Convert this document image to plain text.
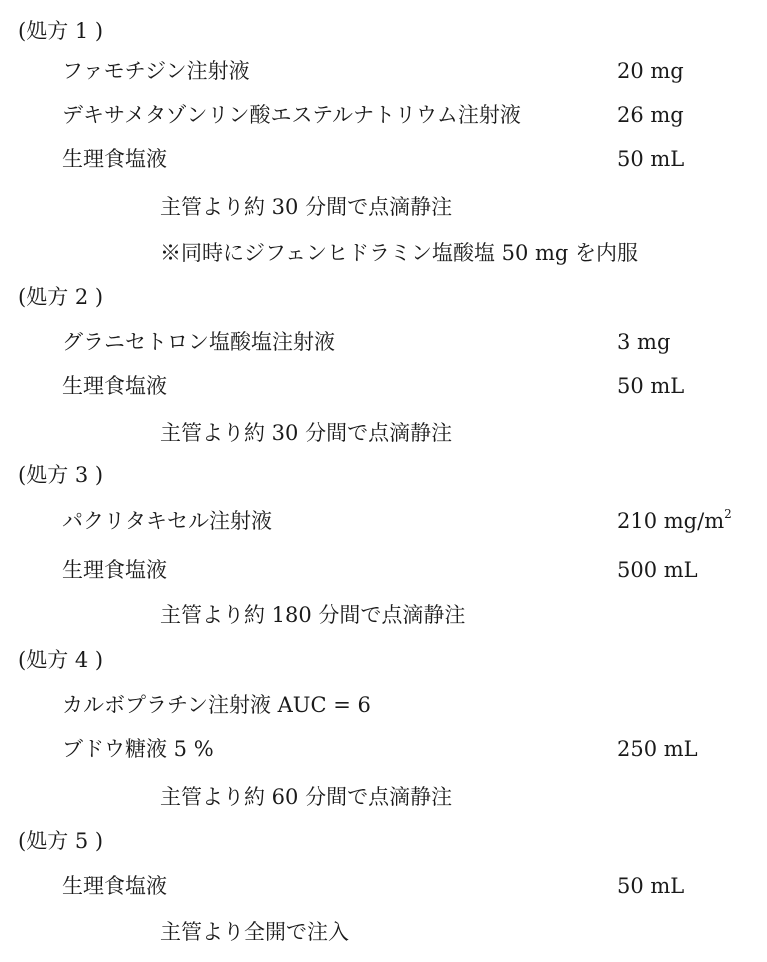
(処方 1 )
ファモチジン注射液	20 mg
デキサメタゾンリン酸エステルナトリウム注射液	26 mg
生理食塩液	50 mL
主管より約 30 分間で点滴静注
※同時にジフェンヒドラミン塩酸塩 50 mg を内服
(処方 2 )
グラニセトロン塩酸塩注射液	3 mg
生理食塩液	50 mL
主管より約 30 分間で点滴静注
(処方 3 )
パクリタキセル注射液	210 $mg/m^2$
生理食塩液	500 mL
主管より約 180 分間で点滴静注
(処方 4 )
カルボプラチン注射液 AUC = 6
ブドウ糖液 5 %	250 mL
主管より約 60 分間で点滴静注
(処方 5 )
生理食塩液	50 mL
主管より全開で注入
